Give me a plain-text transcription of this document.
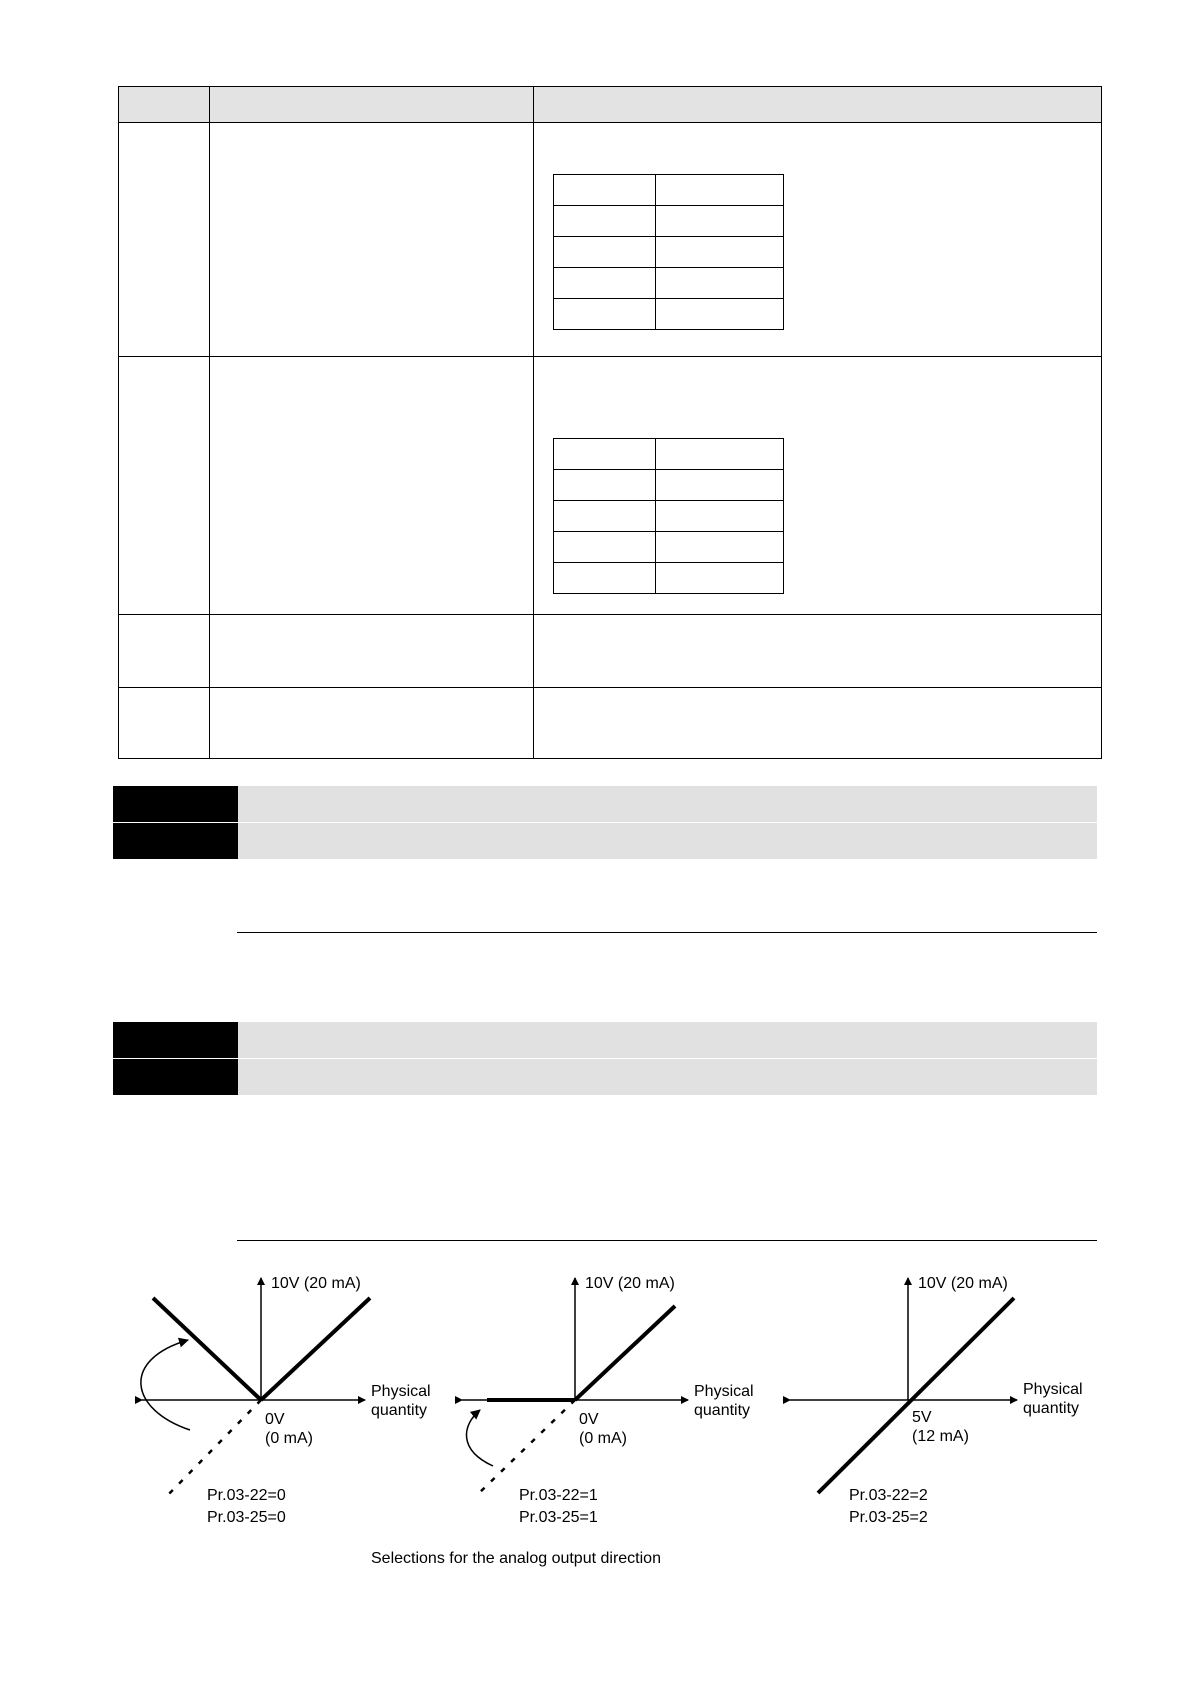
10V (20 mA)
Physical
quantity
0V
(0 mA)
Pr.03-22=0
Pr.03-25=0
10V (20 mA)
Physical
quantity
0V
(0 mA)
Pr.03-22=1
Pr.03-25=1
10V (20 mA)
Physical
quantity
5V
(12 mA)
Pr.03-22=2
Pr.03-25=2
Selections for the analog output direction
